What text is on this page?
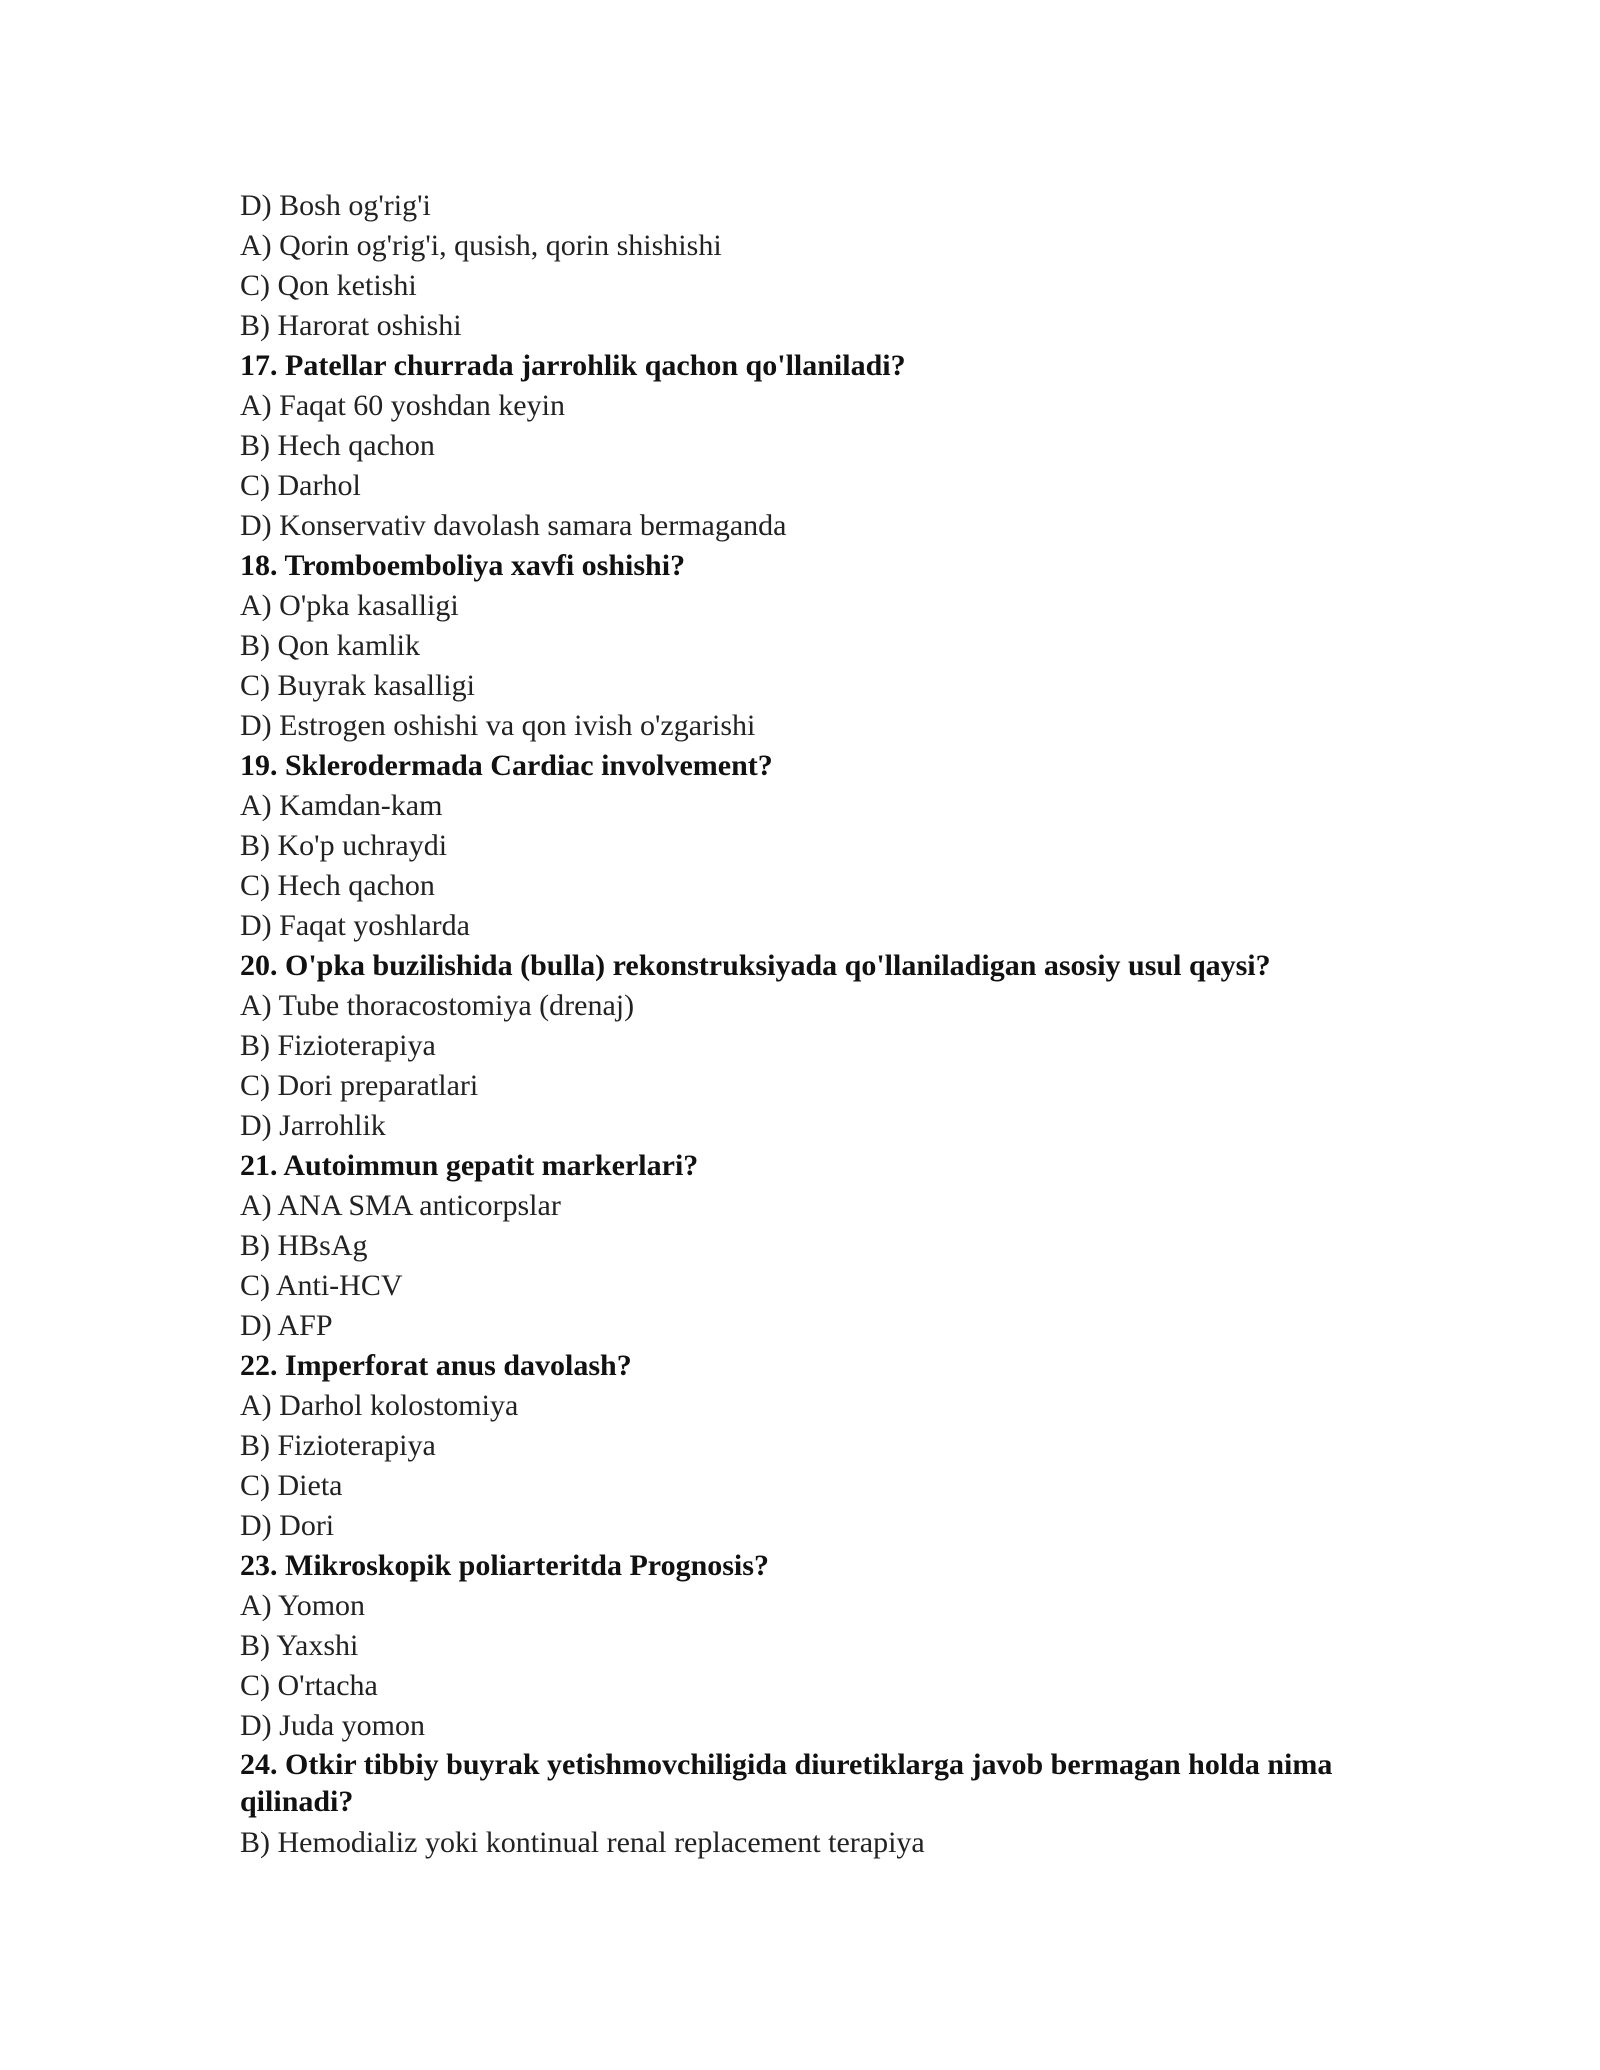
D) Bosh og'rig'i
A) Qorin og'rig'i, qusish, qorin shishishi
C) Qon ketishi
B) Harorat oshishi
17. Patellar churrada jarrohlik qachon qo'llaniladi?
A) Faqat 60 yoshdan keyin
B) Hech qachon
C) Darhol
D) Konservativ davolash samara bermaganda
18. Tromboemboliya xavfi oshishi?
A) O'pka kasalligi
B) Qon kamlik
C) Buyrak kasalligi
D) Estrogen oshishi va qon ivish o'zgarishi
19. Sklerodermada Cardiac involvement?
A) Kamdan-kam
B) Ko'p uchraydi
C) Hech qachon
D) Faqat yoshlarda
20. O'pka buzilishida (bulla) rekonstruksiyada qo'llaniladigan asosiy usul qaysi?
A) Tube thoracostomiya (drenaj)
B) Fizioterapiya
C) Dori preparatlari
D) Jarrohlik
21. Autoimmun gepatit markerlari?
A) ANA SMA anticorpslar
B) HBsAg
C) Anti-HCV
D) AFP
22. Imperforat anus davolash?
A) Darhol kolostomiya
B) Fizioterapiya
C) Dieta
D) Dori
23. Mikroskopik poliarteritda Prognosis?
A) Yomon
B) Yaxshi
C) O'rtacha
D) Juda yomon
24. Otkir tibbiy buyrak yetishmovchiligida diuretiklarga javob bermagan holda nima qilinadi?
B) Hemodializ yoki kontinual renal replacement terapiya
